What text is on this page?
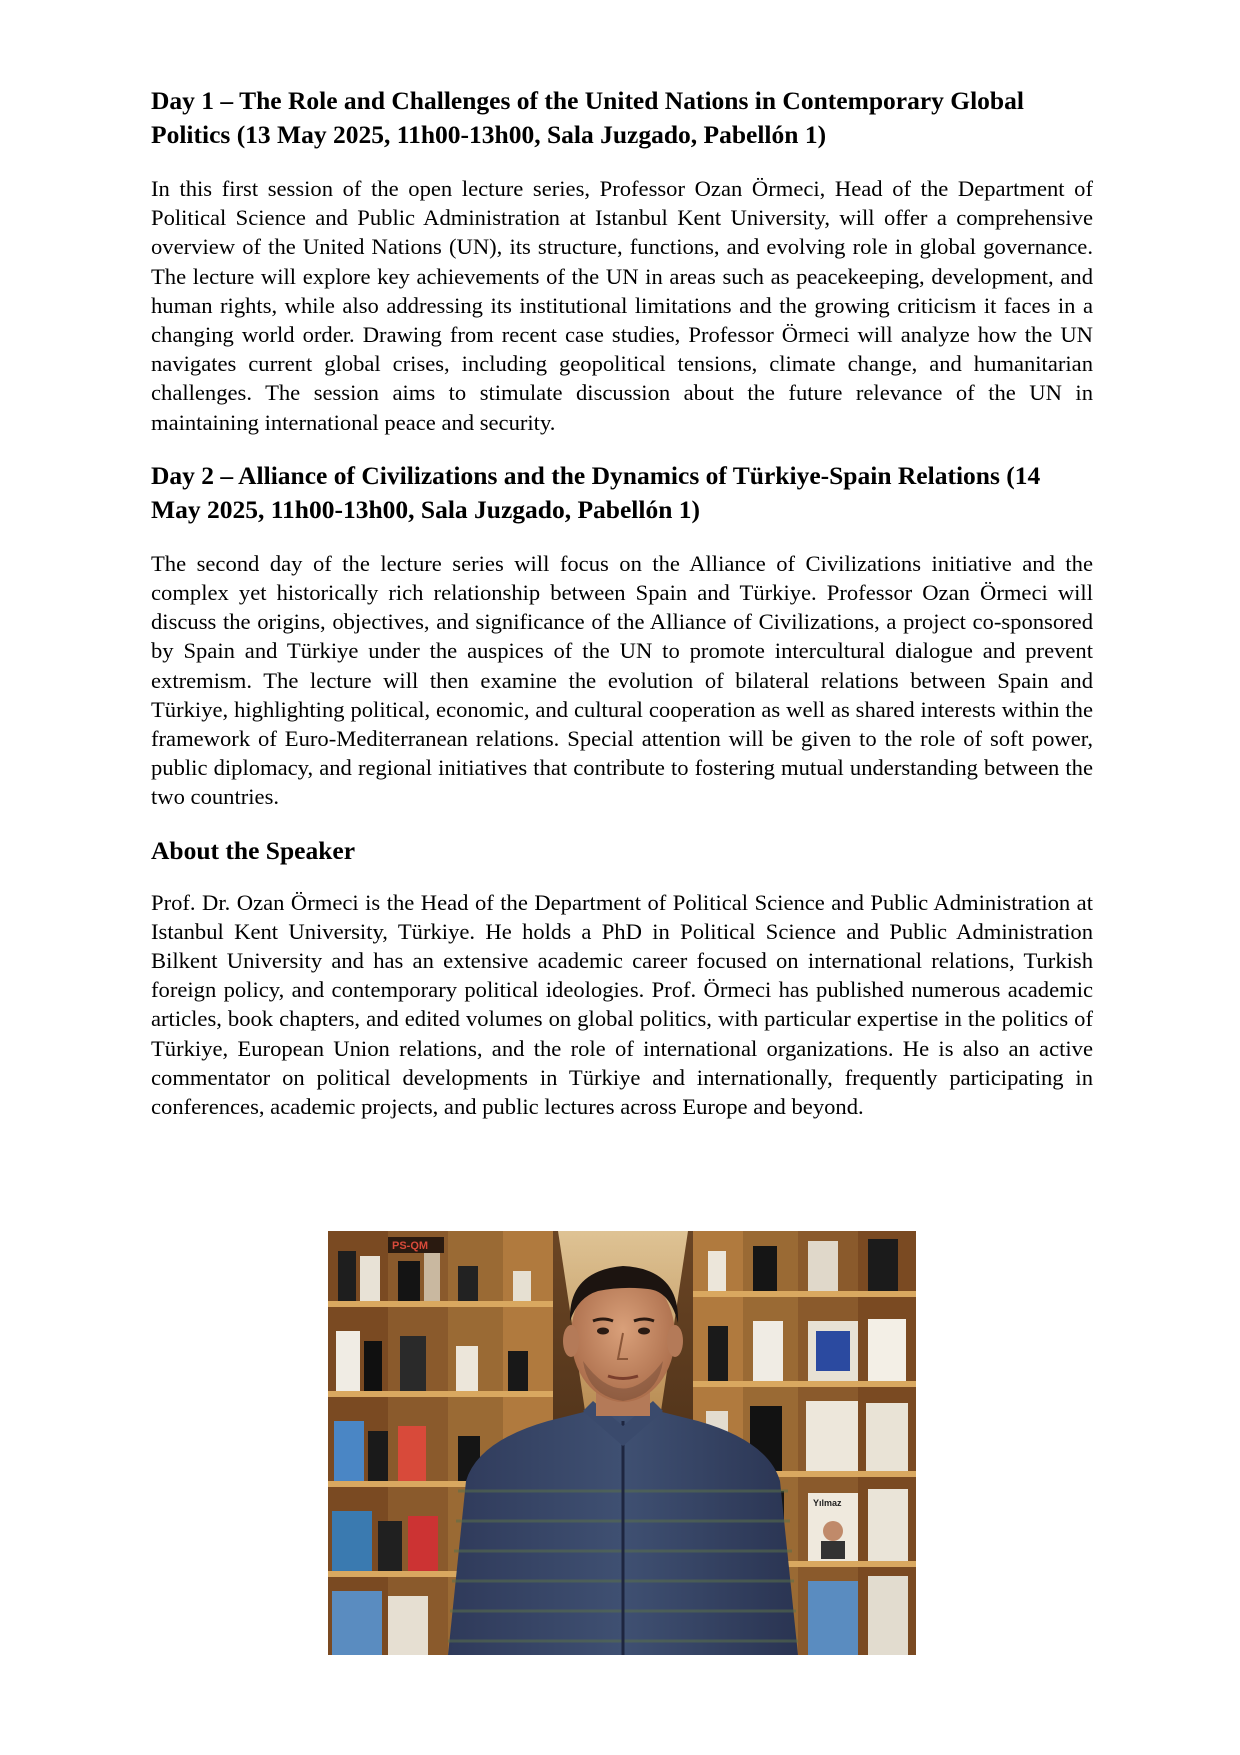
Day 1 – The Role and Challenges of the United Nations in Contemporary Global Politics (13 May 2025, 11h00-13h00, Sala Juzgado, Pabellón 1)

In this first session of the open lecture series, Professor Ozan Örmeci, Head of the Department of Political Science and Public Administration at Istanbul Kent University, will offer a comprehensive overview of the United Nations (UN), its structure, functions, and evolving role in global governance. The lecture will explore key achievements of the UN in areas such as peacekeeping, development, and human rights, while also addressing its institutional limitations and the growing criticism it faces in a changing world order. Drawing from recent case studies, Professor Örmeci will analyze how the UN navigates current global crises, including geopolitical tensions, climate change, and humanitarian challenges. The session aims to stimulate discussion about the future relevance of the UN in maintaining international peace and security.

Day 2 – Alliance of Civilizations and the Dynamics of Türkiye-Spain Relations (14 May 2025, 11h00-13h00, Sala Juzgado, Pabellón 1)

The second day of the lecture series will focus on the Alliance of Civilizations initiative and the complex yet historically rich relationship between Spain and Türkiye. Professor Ozan Örmeci will discuss the origins, objectives, and significance of the Alliance of Civilizations, a project co-sponsored by Spain and Türkiye under the auspices of the UN to promote intercultural dialogue and prevent extremism. The lecture will then examine the evolution of bilateral relations between Spain and Türkiye, highlighting political, economic, and cultural cooperation as well as shared interests within the framework of Euro-Mediterranean relations. Special attention will be given to the role of soft power, public diplomacy, and regional initiatives that contribute to fostering mutual understanding between the two countries.

About the Speaker

Prof. Dr. Ozan Örmeci is the Head of the Department of Political Science and Public Administration at Istanbul Kent University, Türkiye. He holds a PhD in Political Science and Public Administration Bilkent University and has an extensive academic career focused on international relations, Turkish foreign policy, and contemporary political ideologies. Prof. Örmeci has published numerous academic articles, book chapters, and edited volumes on global politics, with particular expertise in the politics of Türkiye, European Union relations, and the role of international organizations. He is also an active commentator on political developments in Türkiye and internationally, frequently participating in conferences, academic projects, and public lectures across Europe and beyond.

PS-QM
Yılmaz
